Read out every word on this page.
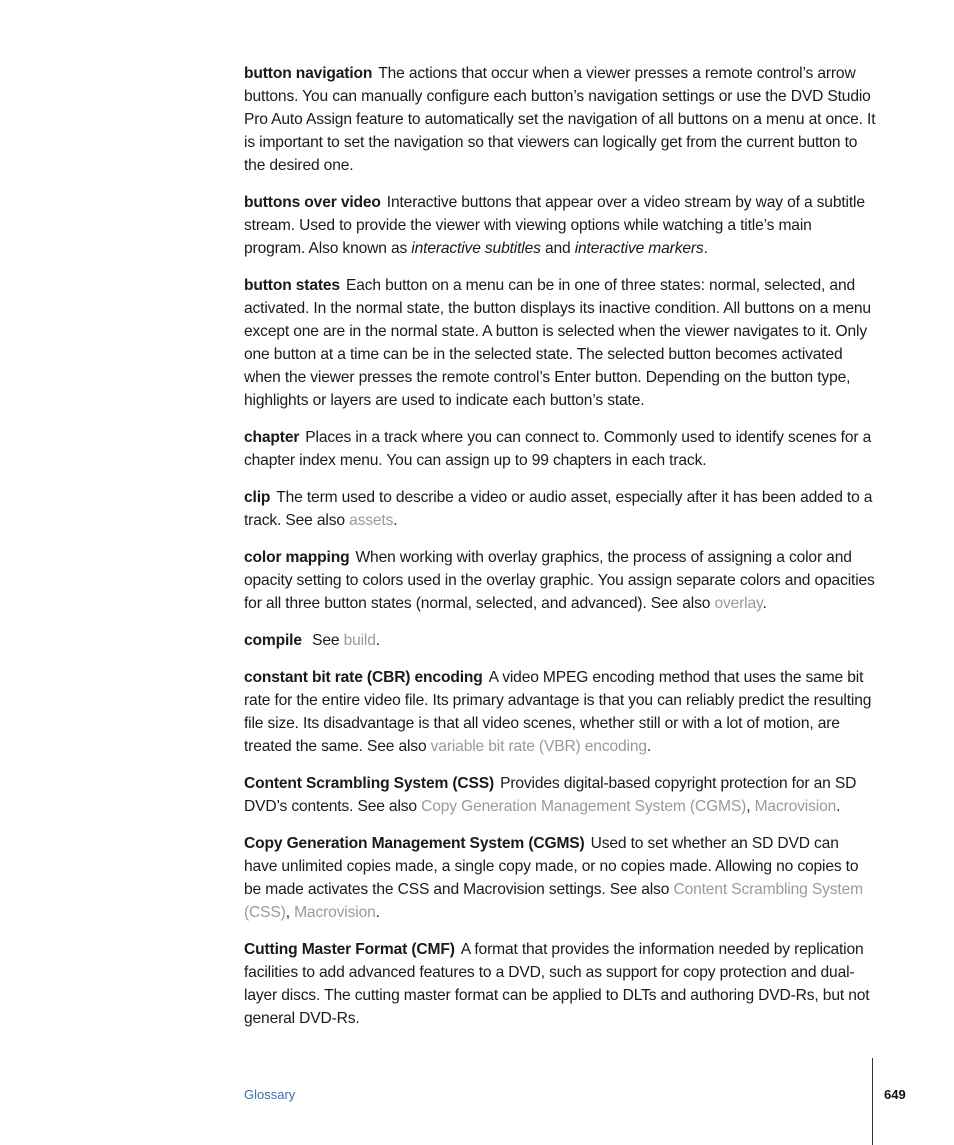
button navigation The actions that occur when a viewer presses a remote control’s arrow buttons. You can manually configure each button’s navigation settings or use the DVD Studio Pro Auto Assign feature to automatically set the navigation of all buttons on a menu at once. It is important to set the navigation so that viewers can logically get from the current button to the desired one.

buttons over video Interactive buttons that appear over a video stream by way of a subtitle stream. Used to provide the viewer with viewing options while watching a title’s main program. Also known as interactive subtitles and interactive markers.

button states Each button on a menu can be in one of three states: normal, selected, and activated. In the normal state, the button displays its inactive condition. All buttons on a menu except one are in the normal state. A button is selected when the viewer navigates to it. Only one button at a time can be in the selected state. The selected button becomes activated when the viewer presses the remote control’s Enter button. Depending on the button type, highlights or layers are used to indicate each button’s state.

chapter Places in a track where you can connect to. Commonly used to identify scenes for a chapter index menu. You can assign up to 99 chapters in each track.

clip The term used to describe a video or audio asset, especially after it has been added to a track. See also assets.

color mapping When working with overlay graphics, the process of assigning a color and opacity setting to colors used in the overlay graphic. You assign separate colors and opacities for all three button states (normal, selected, and advanced). See also overlay.

compile See build.

constant bit rate (CBR) encoding A video MPEG encoding method that uses the same bit rate for the entire video file. Its primary advantage is that you can reliably predict the resulting file size. Its disadvantage is that all video scenes, whether still or with a lot of motion, are treated the same. See also variable bit rate (VBR) encoding.

Content Scrambling System (CSS) Provides digital-based copyright protection for an SD DVD’s contents. See also Copy Generation Management System (CGMS), Macrovision.

Copy Generation Management System (CGMS) Used to set whether an SD DVD can have unlimited copies made, a single copy made, or no copies made. Allowing no copies to be made activates the CSS and Macrovision settings. See also Content Scrambling System (CSS), Macrovision.

Cutting Master Format (CMF) A format that provides the information needed by replication facilities to add advanced features to a DVD, such as support for copy protection and dual-layer discs. The cutting master format can be applied to DLTs and authoring DVD-Rs, but not general DVD-Rs.

Glossary	649
